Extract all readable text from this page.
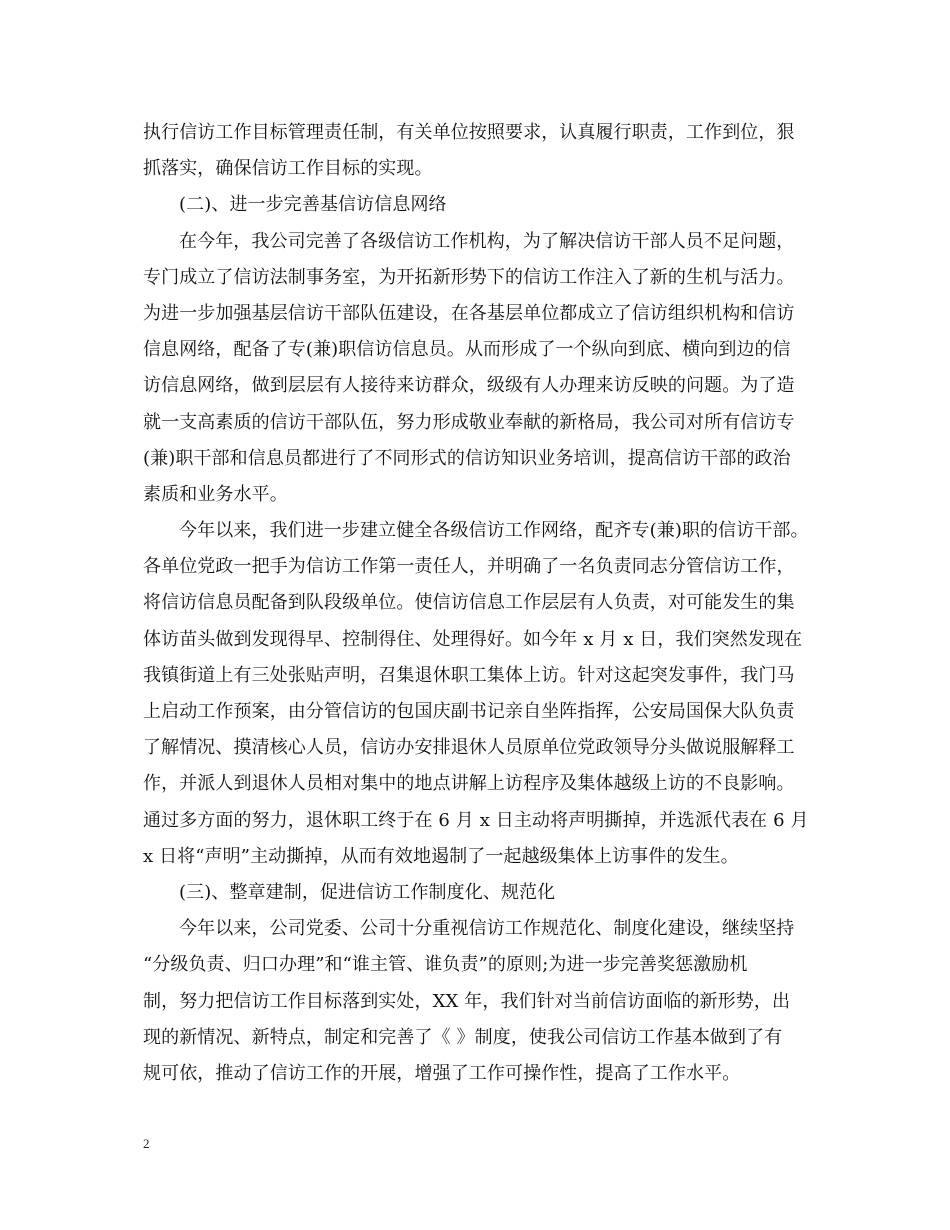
执行信访工作目标管理责任制，有关单位按照要求，认真履行职责，工作到位，狠
抓落实，确保信访工作目标的实现。
(二)、进一步完善基信访信息网络
在今年，我公司完善了各级信访工作机构，为了解决信访干部人员不足问题，
专门成立了信访法制事务室，为开拓新形势下的信访工作注入了新的生机与活力。
为进一步加强基层信访干部队伍建设，在各基层单位都成立了信访组织机构和信访
信息网络，配备了专(兼)职信访信息员。从而形成了一个纵向到底、横向到边的信
访信息网络，做到层层有人接待来访群众，级级有人办理来访反映的问题。为了造
就一支高素质的信访干部队伍，努力形成敬业奉献的新格局，我公司对所有信访专
(兼)职干部和信息员都进行了不同形式的信访知识业务培训，提高信访干部的政治
素质和业务水平。
今年以来，我们进一步建立健全各级信访工作网络，配齐专(兼)职的信访干部。
各单位党政一把手为信访工作第一责任人，并明确了一名负责同志分管信访工作，
将信访信息员配备到队段级单位。使信访信息工作层层有人负责，对可能发生的集
体访苗头做到发现得早、控制得住、处理得好。如今年 x 月 x 日，我们突然发现在
我镇街道上有三处张贴声明，召集退休职工集体上访。针对这起突发事件，我门马
上启动工作预案，由分管信访的包国庆副书记亲自坐阵指挥，公安局国保大队负责
了解情况、摸清核心人员，信访办安排退休人员原单位党政领导分头做说服解释工
作，并派人到退休人员相对集中的地点讲解上访程序及集体越级上访的不良影响。
通过多方面的努力，退休职工终于在 6 月 x 日主动将声明撕掉，并选派代表在 6 月
x 日将“声明”主动撕掉，从而有效地遏制了一起越级集体上访事件的发生。
(三)、整章建制，促进信访工作制度化、规范化
今年以来，公司党委、公司十分重视信访工作规范化、制度化建设，继续坚持
“分级负责、归口办理”和“谁主管、谁负责”的原则;为进一步完善奖惩激励机
制，努力把信访工作目标落到实处，XX 年，我们针对当前信访面临的新形势，出
现的新情况、新特点，制定和完善了《 》制度，使我公司信访工作基本做到了有
规可依，推动了信访工作的开展，增强了工作可操作性，提高了工作水平。
2
